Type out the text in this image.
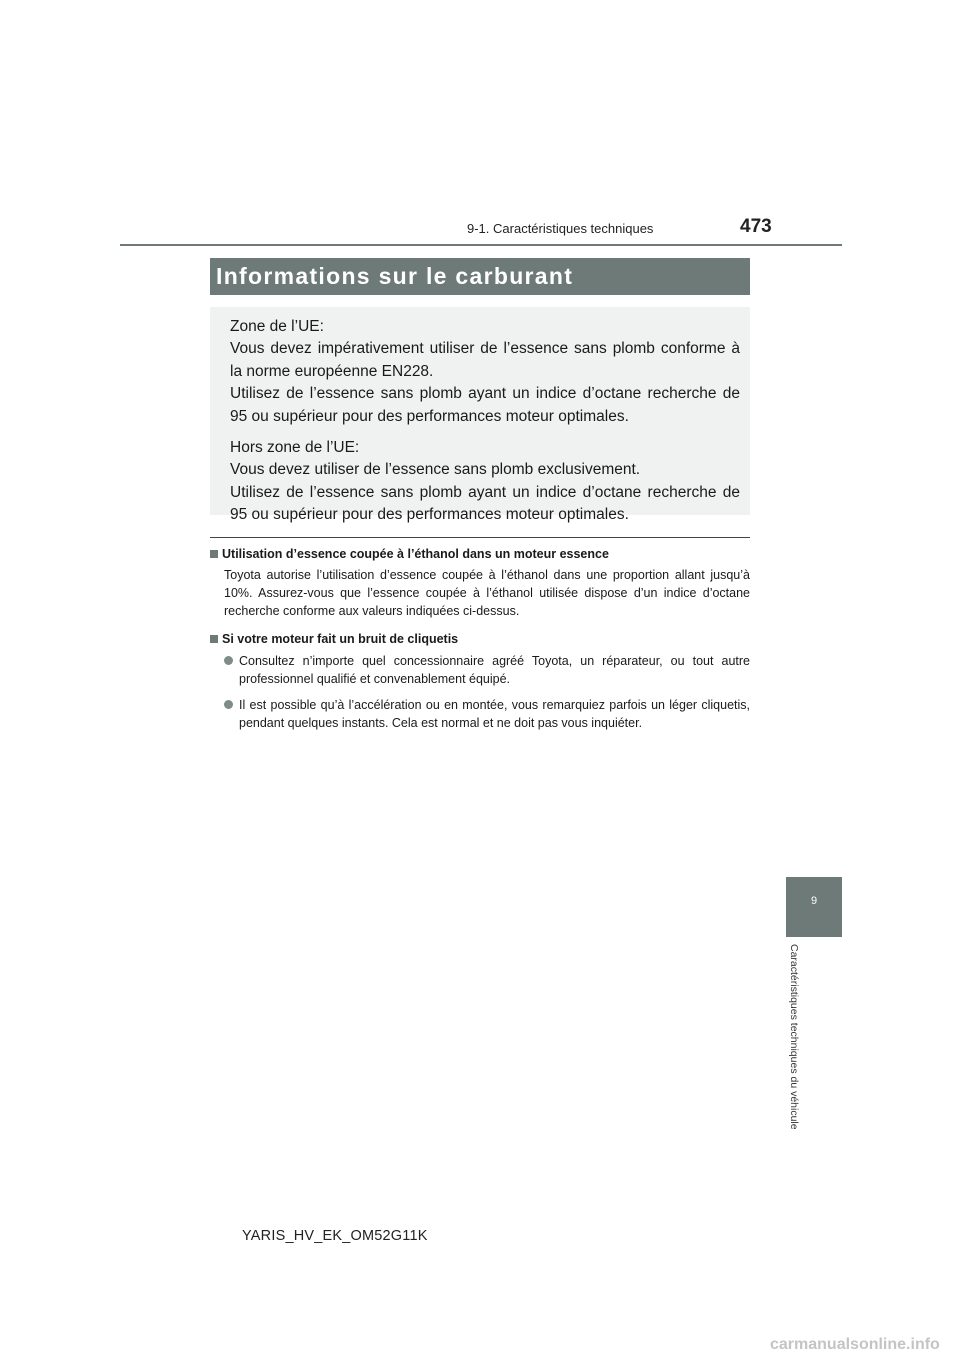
9-1. Caractéristiques techniques	473
Informations sur le carburant

Zone de l’UE:

Vous devez impérativement utiliser de l’essence sans plomb conforme à la norme européenne EN228.

Utilisez de l’essence sans plomb ayant un indice d’octane recherche de 95 ou supérieur pour des performances moteur optimales.

Hors zone de l’UE:

Vous devez utiliser de l’essence sans plomb exclusivement.

Utilisez de l’essence sans plomb ayant un indice d’octane recherche de 95 ou supérieur pour des performances moteur optimales.

Utilisation d’essence coupée à l’éthanol dans un moteur essence

Toyota autorise l’utilisation d’essence coupée à l’éthanol dans une proportion allant jusqu’à 10%. Assurez-vous que l’essence coupée à l’éthanol utilisée dispose d’un indice d’octane recherche conforme aux valeurs indiquées ci-dessus.

Si votre moteur fait un bruit de cliquetis
Consultez n’importe quel concessionnaire agréé Toyota, un réparateur, ou tout autre professionnel qualifié et convenablement équipé.
Il est possible qu’à l’accélération ou en montée, vous remarquiez parfois un léger cliquetis, pendant quelques instants. Cela est normal et ne doit pas vous inquiéter.
9
Caractéristiques techniques du véhicule
YARIS_HV_EK_OM52G11K
carmanualsonline.info
